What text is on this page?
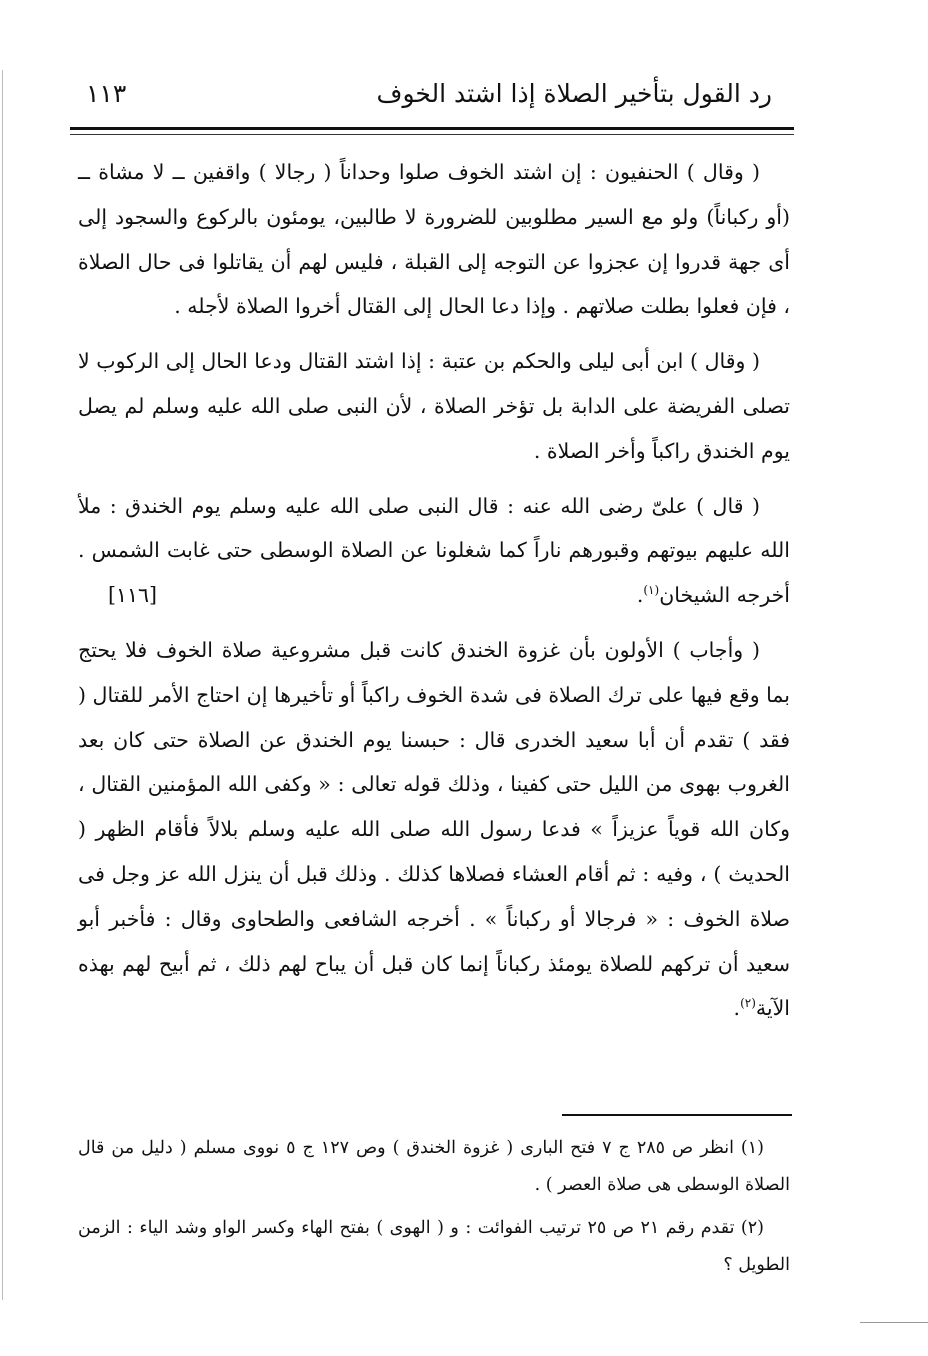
رد القول بتأخير الصلاة إذا اشتد الخوف
١١٣

( وقال ) الحنفيون : إن اشتد الخوف صلوا وحداناً ( رجالا ) واقفين ــ لا مشاة ــ (أو ركباناً) ولو مع السير مطلوبين للضرورة لا طالبين، يومئون بالركوع والسجود إلى أى جهة قدروا إن عجزوا عن التوجه إلى القبلة ، فليس لهم أن يقاتلوا فى حال الصلاة ، فإن فعلوا بطلت صلاتهم . وإذا دعا الحال إلى القتال أخروا الصلاة لأجله .

( وقال ) ابن أبى ليلى والحكم بن عتبة : إذا اشتد القتال ودعا الحال إلى الركوب لا تصلى الفريضة على الدابة بل تؤخر الصلاة ، لأن النبى صلى الله عليه وسلم لم يصل يوم الخندق راكباً وأخر الصلاة .

( قال ) علىّ رضى الله عنه : قال النبى صلى الله عليه وسلم يوم الخندق : ملأ الله عليهم بيوتهم وقبورهم ناراً كما شغلونا عن الصلاة الوسطى حتى غابت الشمس . أخرجه الشيخان$^{(١)}$.
[١١٦]

( وأجاب ) الأولون بأن غزوة الخندق كانت قبل مشروعية صلاة الخوف فلا يحتج بما وقع فيها على ترك الصلاة فى شدة الخوف راكباً أو تأخيرها إن احتاج الأمر للقتال ( فقد ) تقدم أن أبا سعيد الخدرى قال : حبسنا يوم الخندق عن الصلاة حتى كان بعد الغروب بهوى من الليل حتى كفينا ، وذلك قوله تعالى : « وكفى الله المؤمنين القتال ، وكان الله قوياً عزيزاً » فدعا رسول الله صلى الله عليه وسلم بلالاً فأقام الظهر ( الحديث ) ، وفيه : ثم أقام العشاء فصلاها كذلك . وذلك قبل أن ينزل الله عز وجل فى صلاة الخوف : « فرجالا أو ركباناً » . أخرجه الشافعى والطحاوى وقال : فأخبر أبو سعيد أن تركهم للصلاة يومئذ ركباناً إنما كان قبل أن يباح لهم ذلك ، ثم أبيح لهم بهذه الآية$^{(٢)}$.

(١) انظر ص ٢٨٥ ج ٧ فتح البارى ( غزوة الخندق ) وص ١٢٧ ج ٥ نووى مسلم ( دليل من قال الصلاة الوسطى هى صلاة العصر ) .

(٢) تقدم رقم ٢١ ص ٢٥ ترتيب الفوائت : و ( الهوى ) بفتح الهاء وكسر الواو وشد الياء : الزمن الطويل ؟
